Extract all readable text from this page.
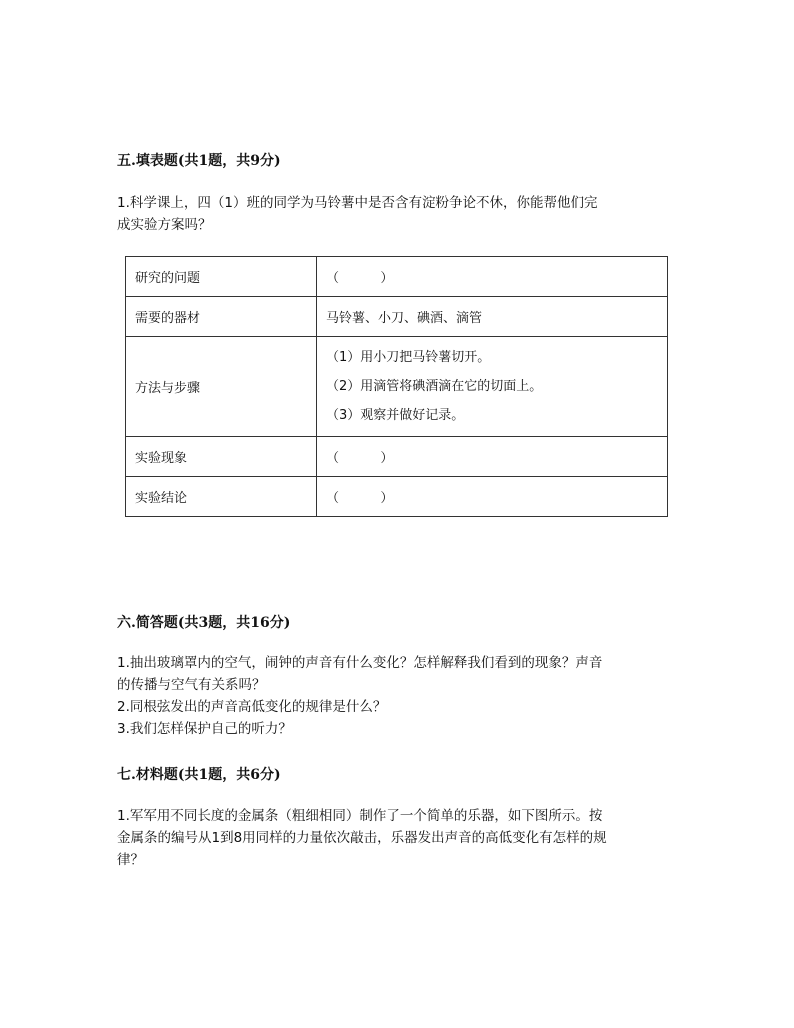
五.填表题(共1题，共9分)
1.科学课上，四（1）班的同学为马铃薯中是否含有淀粉争论不休，你能帮他们完
成实验方案吗？
研究的问题	（          ）
需要的器材	马铃薯、小刀、碘酒、滴管
方法与步骤	（1）用小刀把马铃薯切开。
（2）用滴管将碘酒滴在它的切面上。
（3）观察并做好记录。

实验现象	（          ）
实验结论	（          ）
六.简答题(共3题，共16分)
1.抽出玻璃罩内的空气，闹钟的声音有什么变化？怎样解释我们看到的现象？声音
的传播与空气有关系吗？
2.同根弦发出的声音高低变化的规律是什么？
3.我们怎样保护自己的听力？
七.材料题(共1题，共6分)
1.军军用不同长度的金属条（粗细相同）制作了一个简单的乐器，如下图所示。按
金属条的编号从1到8用同样的力量依次敲击，乐器发出声音的高低变化有怎样的规
律？
